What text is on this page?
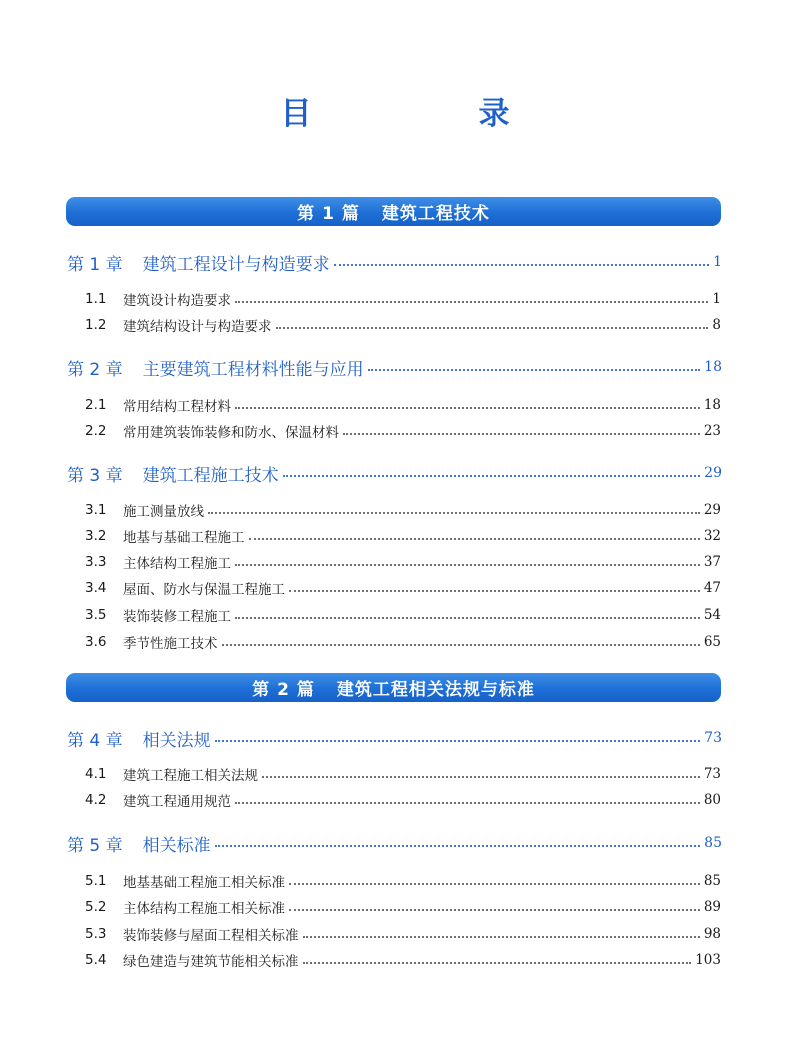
目　录
第 1 篇 建筑工程技术
第 1 章 建筑工程设计与构造要求	1
1.1	建筑设计构造要求	1
1.2	建筑结构设计与构造要求	8
第 2 章 主要建筑工程材料性能与应用	18
2.1	常用结构工程材料	18
2.2	常用建筑装饰装修和防水、保温材料	23
第 3 章 建筑工程施工技术	29
3.1	施工测量放线	29
3.2	地基与基础工程施工	32
3.3	主体结构工程施工	37
3.4	屋面、防水与保温工程施工	47
3.5	装饰装修工程施工	54
3.6	季节性施工技术	65
第 2 篇 建筑工程相关法规与标准
第 4 章 相关法规	73
4.1	建筑工程施工相关法规	73
4.2	建筑工程通用规范	80
第 5 章 相关标准	85
5.1	地基基础工程施工相关标准	85
5.2	主体结构工程施工相关标准	89
5.3	装饰装修与屋面工程相关标准	98
5.4	绿色建造与建筑节能相关标准	103
